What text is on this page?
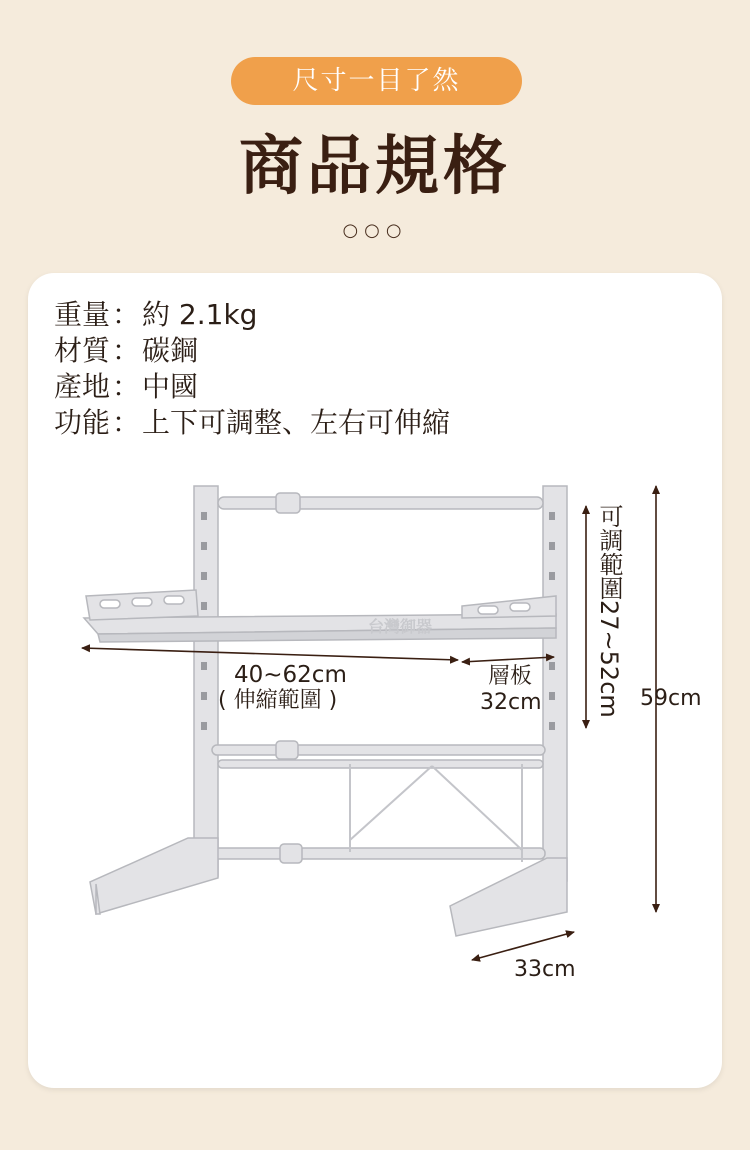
尺寸一目了然
商品規格
○○○
重量：約 2.1kg
材質：碳鋼
產地：中國
功能：上下可調整、左右可伸縮
台灣御器
40~62cm
( 伸縮範圍 )
層板
32cm 可調範圍27~52cm 59cm
33cm
